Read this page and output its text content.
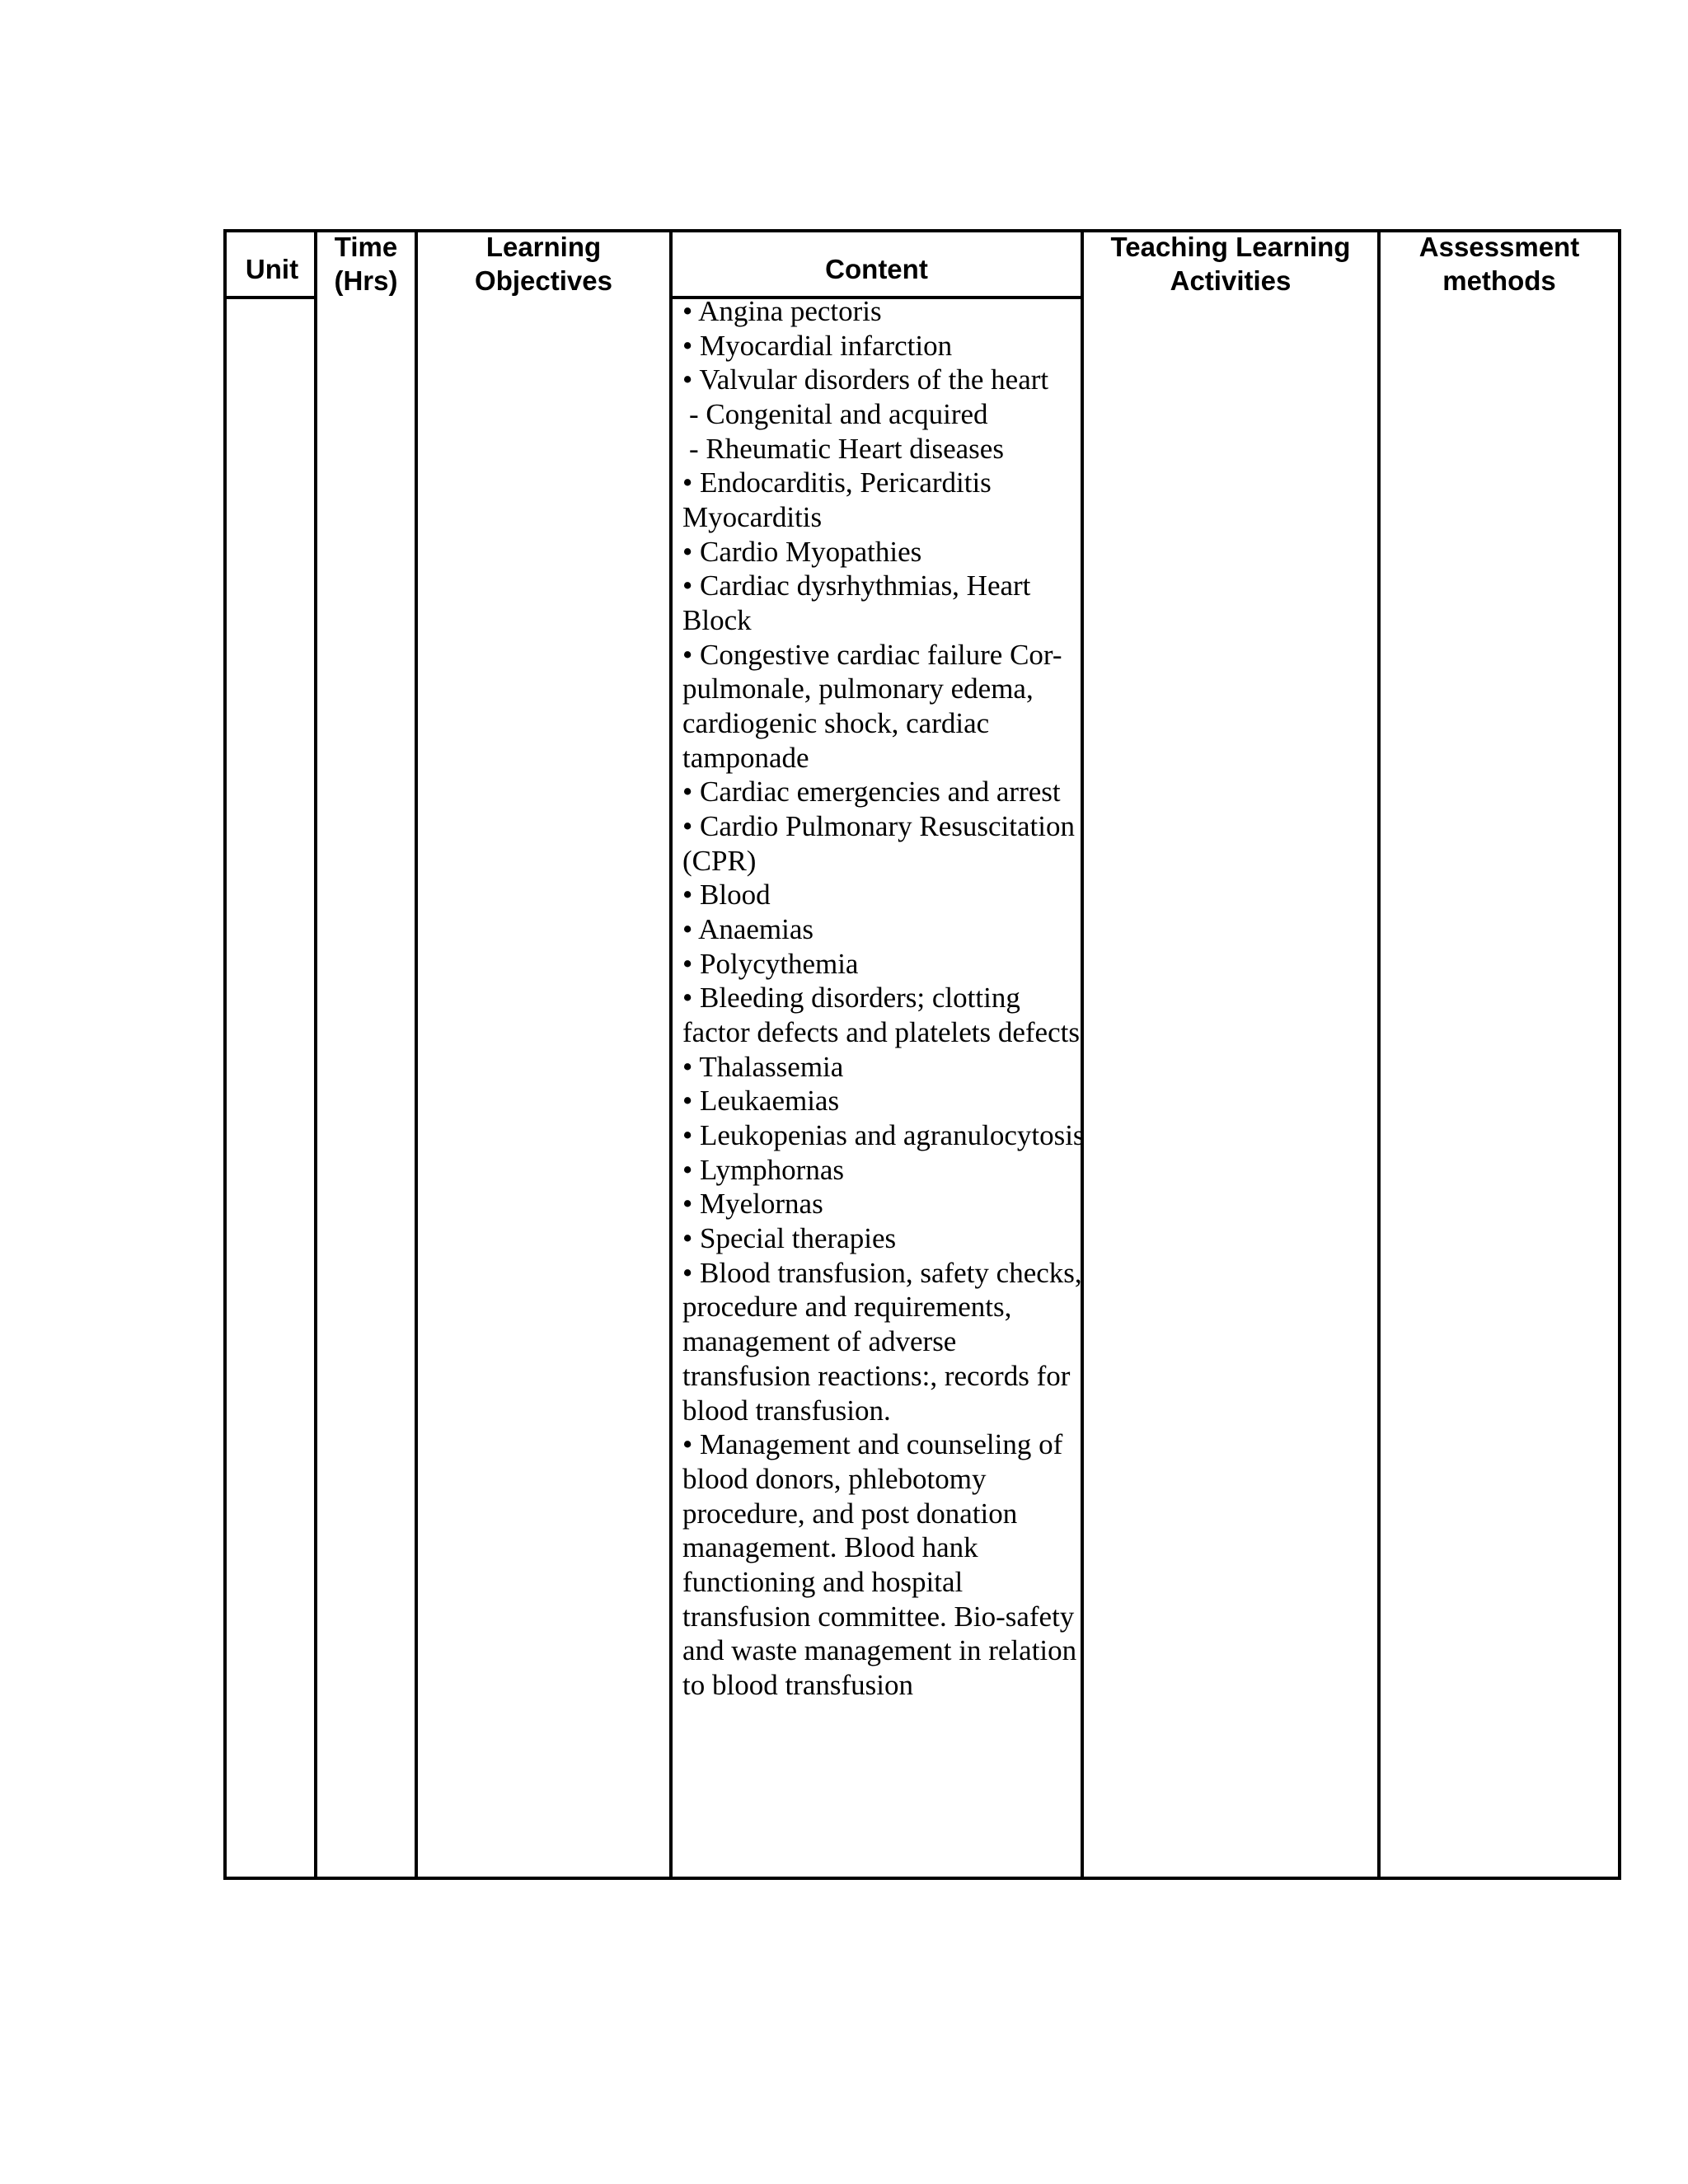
Unit
Time
(Hrs)
Learning
Objectives	Content
Teaching Learning
Activities
Assessment
methods
• Angina pectoris
• Myocardial infarction
• Valvular disorders of the heart
- Congenital and acquired
- Rheumatic Heart diseases
• Endocarditis, Pericarditis Myocarditis
• Cardio Myopathies
• Cardiac dysrhythmias, Heart Block
• Congestive cardiac failure Cor-pulmonale, pulmonary edema, cardiogenic shock, cardiac tamponade
• Cardiac emergencies and arrest
• Cardio Pulmonary Resuscitation (CPR)
• Blood
• Anaemias
• Polycythemia
• Bleeding disorders; clotting factor defects and platelets defects
• Thalassemia
• Leukaemias
• Leukopenias and agranulocytosis
• Lymphornas
• Myelornas
• Special therapies
• Blood transfusion, safety checks, procedure and requirements, management of adverse transfusion reactions:, records for blood transfusion.
• Management and counseling of blood donors, phlebotomy procedure, and post donation management. Blood hank functioning and hospital transfusion committee. Bio-safety and waste management in relation to blood transfusion
